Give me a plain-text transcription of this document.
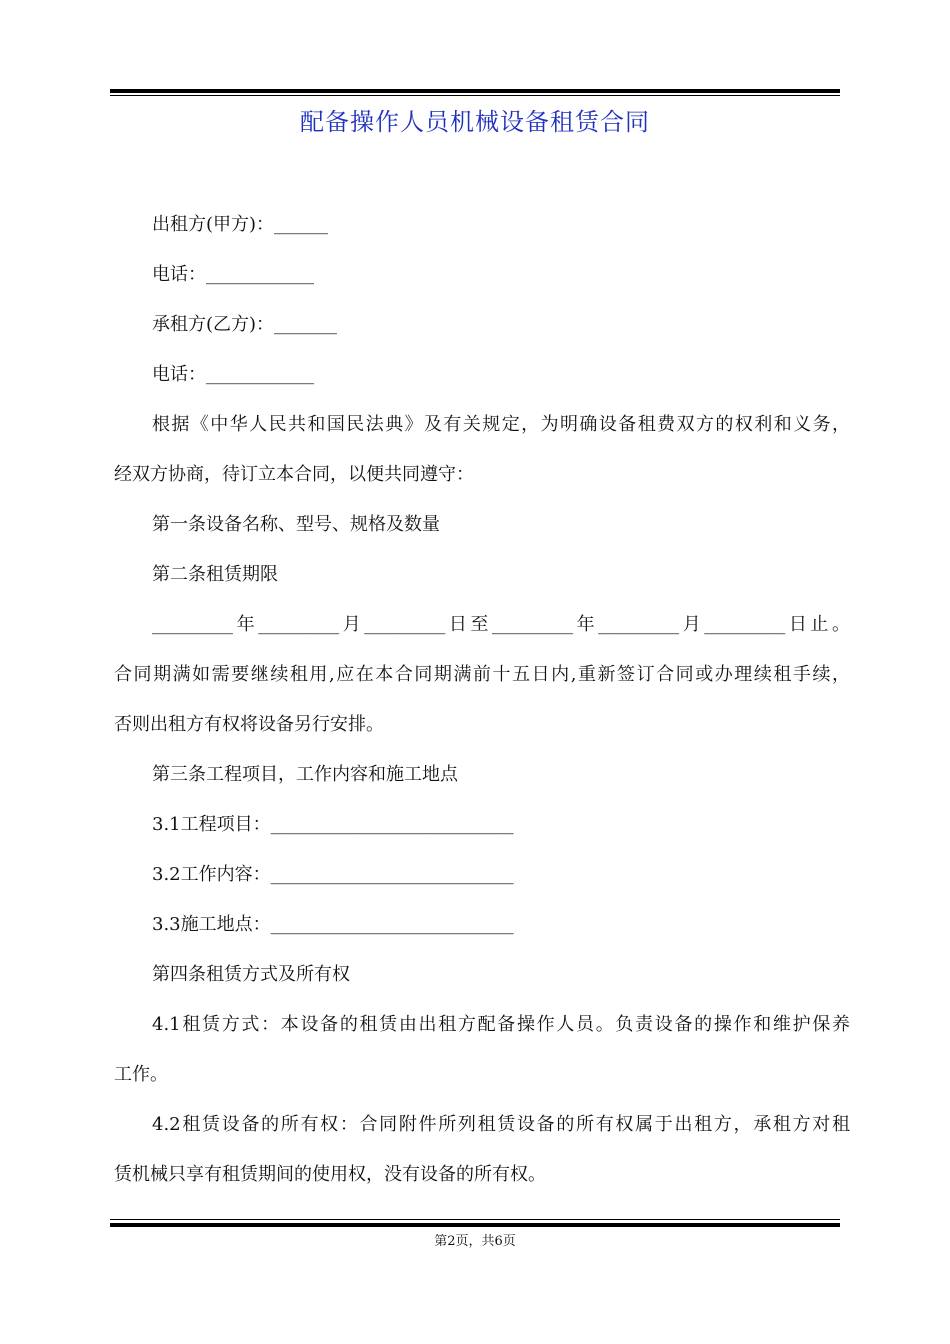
配备操作人员机械设备租赁合同

出租方(甲方)：______

电话：____________

承租方(乙方)：_______

电话：____________

根据《中华人民共和国民法典》及有关规定，为明确设备租费双方的权利和义务，

经双方协商，待订立本合同，以便共同遵守：

第一条设备名称、型号、规格及数量

第二条租赁期限

_________年_________月_________日至_________年_________月_________日止。

合同期满如需要继续租用,应在本合同期满前十五日内,重新签订合同或办理续租手续，

否则出租方有权将设备另行安排。

第三条工程项目，工作内容和施工地点

3.1工程项目：___________________________

3.2工作内容：___________________________

3.3施工地点：___________________________

第四条租赁方式及所有权

4.1租赁方式：本设备的租赁由出租方配备操作人员。负责设备的操作和维护保养

工作。

4.2租赁设备的所有权：合同附件所列租赁设备的所有权属于出租方，承租方对租

赁机械只享有租赁期间的使用权，没有设备的所有权。

第2页，共6页
